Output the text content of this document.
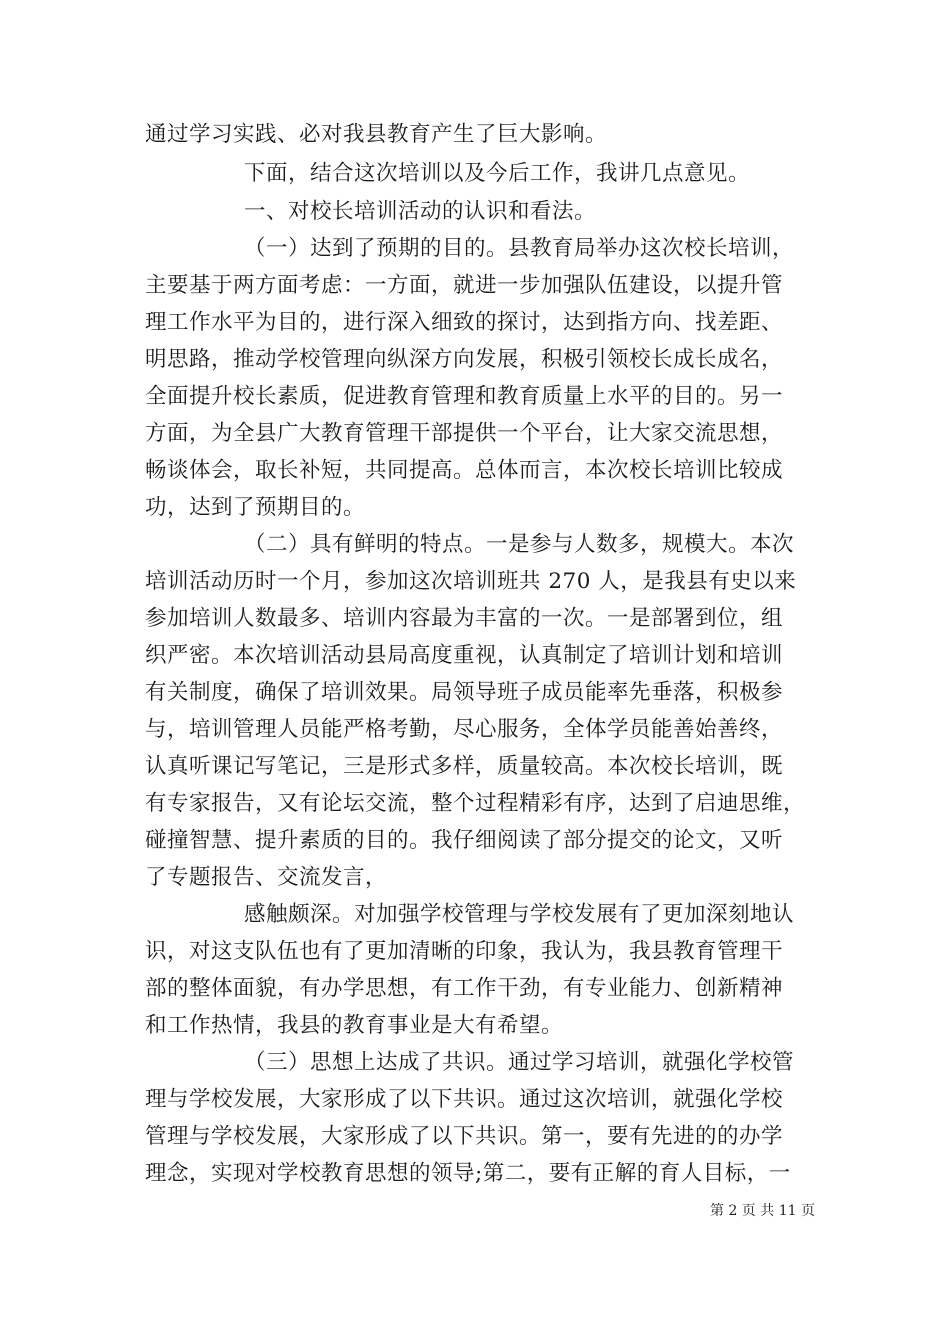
通过学习实践、必对我县教育产生了巨大影响。
下面，结合这次培训以及今后工作，我讲几点意见。
一、对校长培训活动的认识和看法。
（一）达到了预期的目的。县教育局举办这次校长培训，
主要基于两方面考虑：一方面，就进一步加强队伍建设，以提升管
理工作水平为目的，进行深入细致的探讨，达到指方向、找差距、
明思路，推动学校管理向纵深方向发展，积极引领校长成长成名，
全面提升校长素质，促进教育管理和教育质量上水平的目的。另一
方面，为全县广大教育管理干部提供一个平台，让大家交流思想，
畅谈体会，取长补短，共同提高。总体而言，本次校长培训比较成
功，达到了预期目的。
（二）具有鲜明的特点。一是参与人数多，规模大。本次
培训活动历时一个月，参加这次培训班共 270 人，是我县有史以来
参加培训人数最多、培训内容最为丰富的一次。一是部署到位，组
织严密。本次培训活动县局高度重视，认真制定了培训计划和培训
有关制度，确保了培训效果。局领导班子成员能率先垂落，积极参
与，培训管理人员能严格考勤，尽心服务，全体学员能善始善终，
认真听课记写笔记，三是形式多样，质量较高。本次校长培训，既
有专家报告，又有论坛交流，整个过程精彩有序，达到了启迪思维，
碰撞智慧、提升素质的目的。我仔细阅读了部分提交的论文，又听
了专题报告、交流发言，
感触颇深。对加强学校管理与学校发展有了更加深刻地认
识，对这支队伍也有了更加清晰的印象，我认为，我县教育管理干
部的整体面貌，有办学思想，有工作干劲，有专业能力、创新精神
和工作热情，我县的教育事业是大有希望。
（三）思想上达成了共识。通过学习培训，就强化学校管
理与学校发展，大家形成了以下共识。通过这次培训，就强化学校
管理与学校发展，大家形成了以下共识。第一，要有先进的的办学
理念，实现对学校教育思想的领导;第二，要有正解的育人目标，一
第 2 页 共 11 页
